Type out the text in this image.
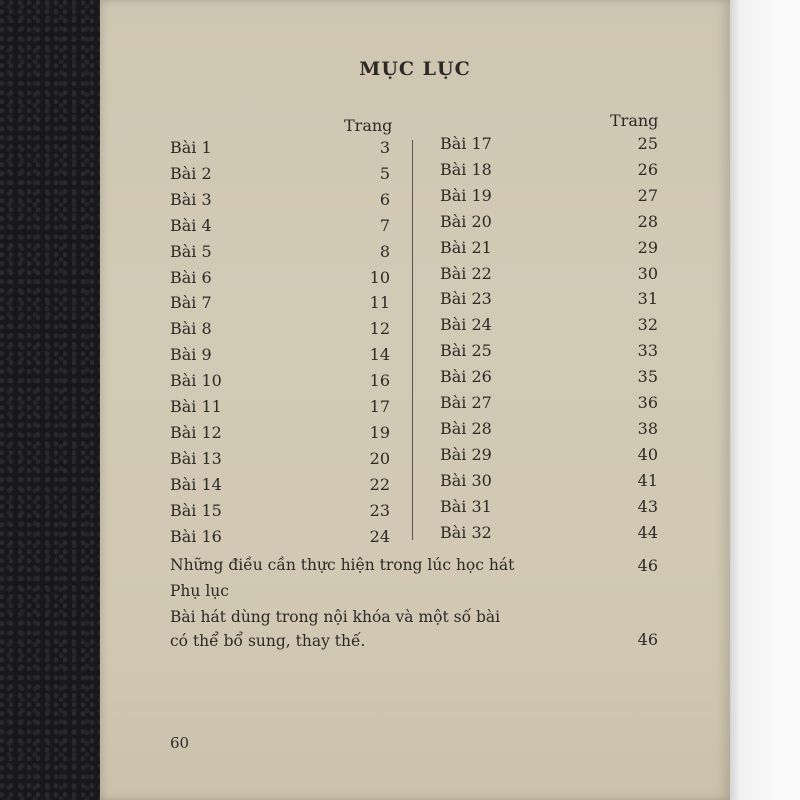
MỤC LỤC
Trang	Trang
Bài 1	3
Bài 2	5
Bài 3	6
Bài 4	7
Bài 5	8
Bài 6	10
Bài 7	11
Bài 8	12
Bài 9	14
Bài 10	16
Bài 11	17
Bài 12	19
Bài 13	20
Bài 14	22
Bài 15	23
Bài 16	24
Bài 17	25
Bài 18	26
Bài 19	27
Bài 20	28
Bài 21	29
Bài 22	30
Bài 23	31
Bài 24	32
Bài 25	33
Bài 26	35
Bài 27	36
Bài 28	38
Bài 29	40
Bài 30	41
Bài 31	43
Bài 32	44
Những điều cần thực hiện trong lúc học hát	46
Phụ lục
Bài hát dùng trong nội khóa và một số bài
có thể bổ sung, thay thế.	46
60
